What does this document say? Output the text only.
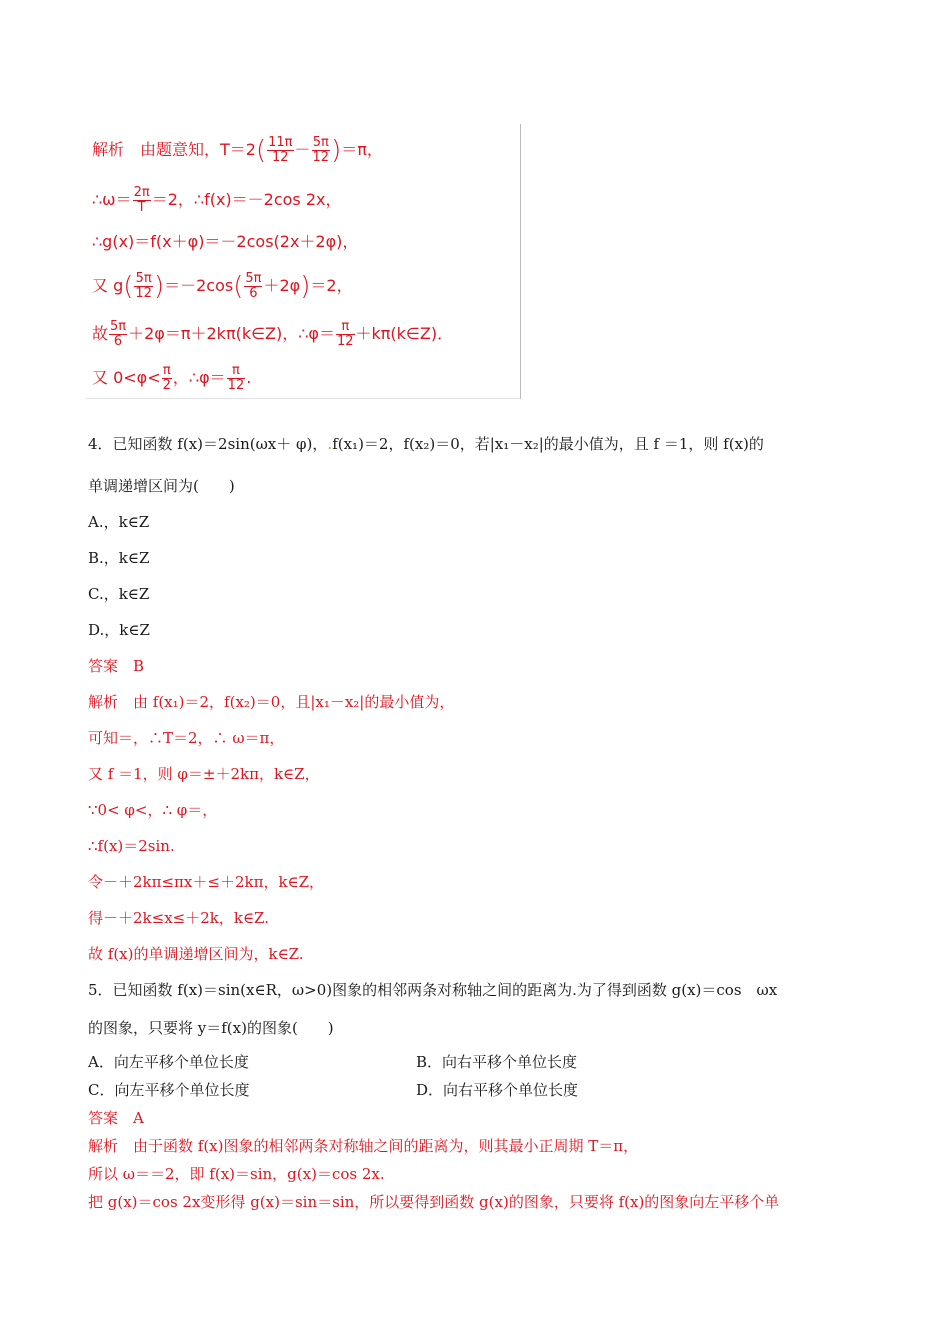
解析　由题意知，$T=2( \frac{11\pi}{12} - \frac{5\pi}{12} )=\pi$，
∴ω＝ $\frac{2\pi}{T} =2$，∴f(x)＝－2cos 2x，
∴g(x)＝f(x＋φ)＝－2cos(2x＋2φ)，
又 $g( \frac{5\pi}{12} )=-2\cos( \frac{5\pi}{6} +2\varphi)=2$，
故 $\frac{5\pi}{6}$ ＋2φ＝π＋2kπ(k∈Z)，∴φ＝ $\frac{\pi}{12}$ ＋kπ(k∈Z)．
又 $0<\varphi< \frac{\pi}{2}$ ，∴φ＝ $\frac{\pi}{12}$ .
4．已知函数 f(x)＝2sin(ωx＋ φ)，.f(x₁)＝2，f(x₂)＝0，若|x₁－x₂|的最小值为，且 f ＝1，则 f(x)的
单调递增区间为(　　)
A.，k∈Z
B.，k∈Z
C.，k∈Z
D.，k∈Z
答案　B
解析　由 f(x₁)＝2，f(x₂)＝0，且|x₁－x₂|的最小值为，
可知＝，∴T＝2，∴ ω＝π，
又 f ＝1，则 φ＝±＋2kπ，k∈Z，
∵0< φ<，∴ φ＝，
∴f(x)＝2sin.
令－＋2kπ≤πx＋≤＋2kπ，k∈Z，
得－＋2k≤x≤＋2k，k∈Z.
故 f(x)的单调递增区间为，k∈Z.
5．已知函数 f(x)＝sin(x∈R，ω>0)图象的相邻两条对称轴之间的距离为.为了得到函数 g(x)＝cos　ωx
的图象，只要将 y＝f(x)的图象(　　)
A．向左平移个单位长度	B．向右平移个单位长度
C．向左平移个单位长度	D．向右平移个单位长度
答案　A
解析　由于函数 f(x)图象的相邻两条对称轴之间的距离为，则其最小正周期 T＝π，
所以 ω＝＝2，即 f(x)＝sin，g(x)＝cos 2x.
把 g(x)＝cos 2x变形得 g(x)＝sin＝sin，所以要得到函数 g(x)的图象，只要将 f(x)的图象向左平移个单
